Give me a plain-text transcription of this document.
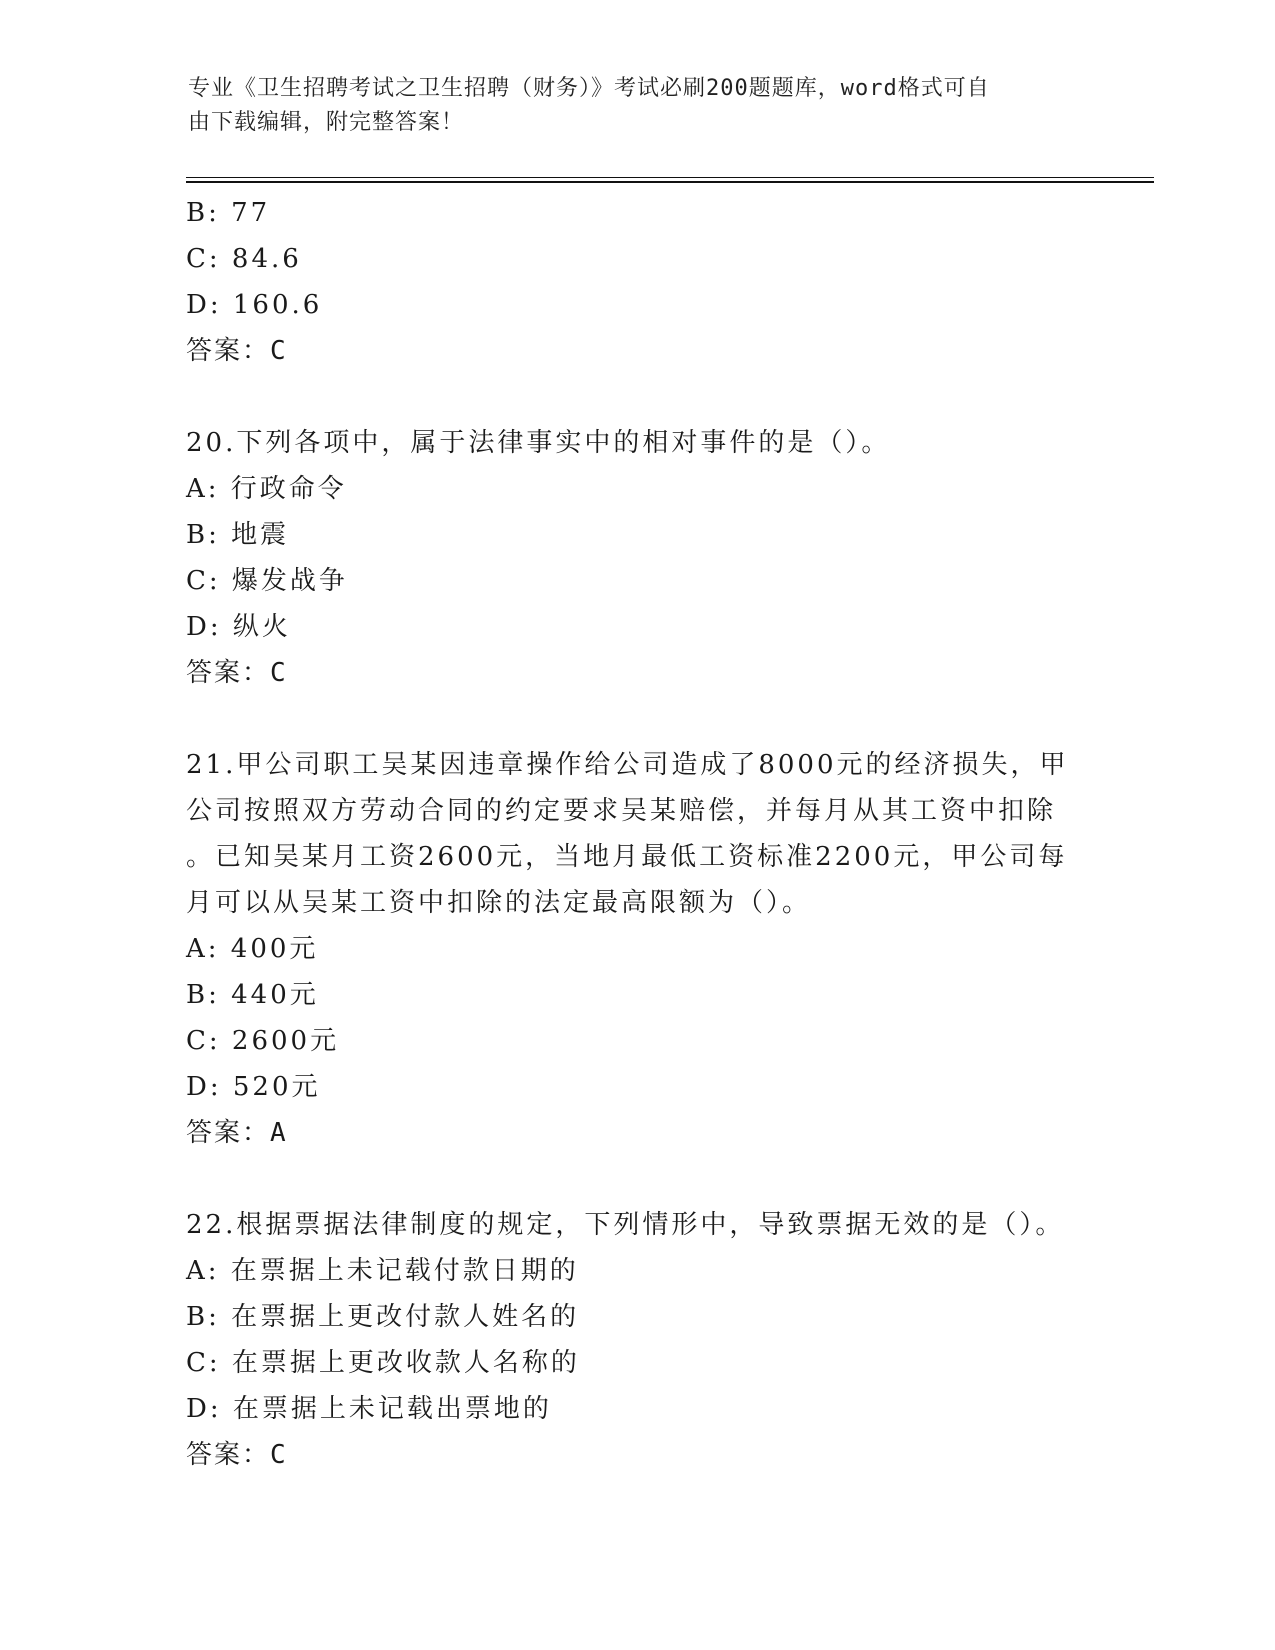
专业《卫生招聘考试之卫生招聘（财务）》考试必刷200题题库，word格式可自
由下载编辑，附完整答案！
B: 77
C: 84.6
D: 160.6
答案：C
20.下列各项中，属于法律事实中的相对事件的是（）。
A: 行政命令
B: 地震
C: 爆发战争
D: 纵火
答案：C
21.甲公司职工吴某因违章操作给公司造成了8000元的经济损失，甲
公司按照双方劳动合同的约定要求吴某赔偿，并每月从其工资中扣除
。已知吴某月工资2600元，当地月最低工资标准2200元，甲公司每
月可以从吴某工资中扣除的法定最高限额为（）。
A: 400元
B: 440元
C: 2600元
D: 520元
答案：A
22.根据票据法律制度的规定，下列情形中，导致票据无效的是（）。
A: 在票据上未记载付款日期的
B: 在票据上更改付款人姓名的
C: 在票据上更改收款人名称的
D: 在票据上未记载出票地的
答案：C
